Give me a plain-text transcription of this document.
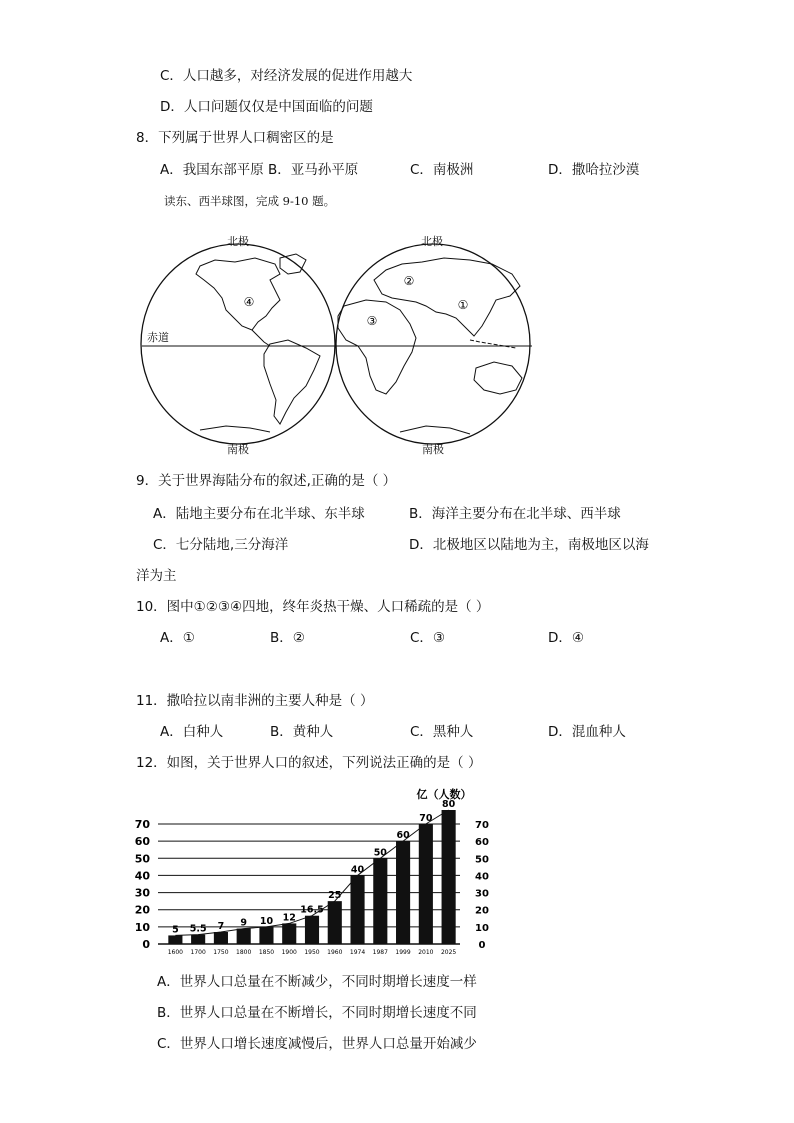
C．人口越多，对经济发展的促进作用越大
D．人口问题仅仅是中国面临的问题
8．下列属于世界人口稠密区的是
A．我国东部平原 B．亚马孙平原	C．南极洲	D．撒哈拉沙漠
读东、西半球图，完成 9-10 题。
北极	北极
南极	南极
赤道
④
②
③
①
9．关于世界海陆分布的叙述,正确的是（ ）
A．陆地主要分布在北半球、东半球	B．海洋主要分布在北半球、西半球
C．七分陆地,三分海洋	D．北极地区以陆地为主，南极地区以海
洋为主
10．图中①②③④四地，终年炎热干燥、人口稀疏的是（ ）
A．①	B．②	C．③	D．④
11．撒哈拉以南非洲的主要人种是（ ）
A．白种人	B．黄种人	C．黑种人	D．混血种人
12．如图，关于世界人口的叙述，下列说法正确的是（ ）
亿（人数）
5 5.5 7 9 10 12
16.5
25
40
50
60
70
80
70	70
60	60
50	50
40	40
30	30
20	20
10	10
0	0
1600 1700 1750 1800 1850 1900 1950 1960 1974 1987 1999 2010 2025
A．世界人口总量在不断减少，不同时期增长速度一样
B．世界人口总量在不断增长，不同时期增长速度不同
C．世界人口增长速度减慢后，世界人口总量开始减少
